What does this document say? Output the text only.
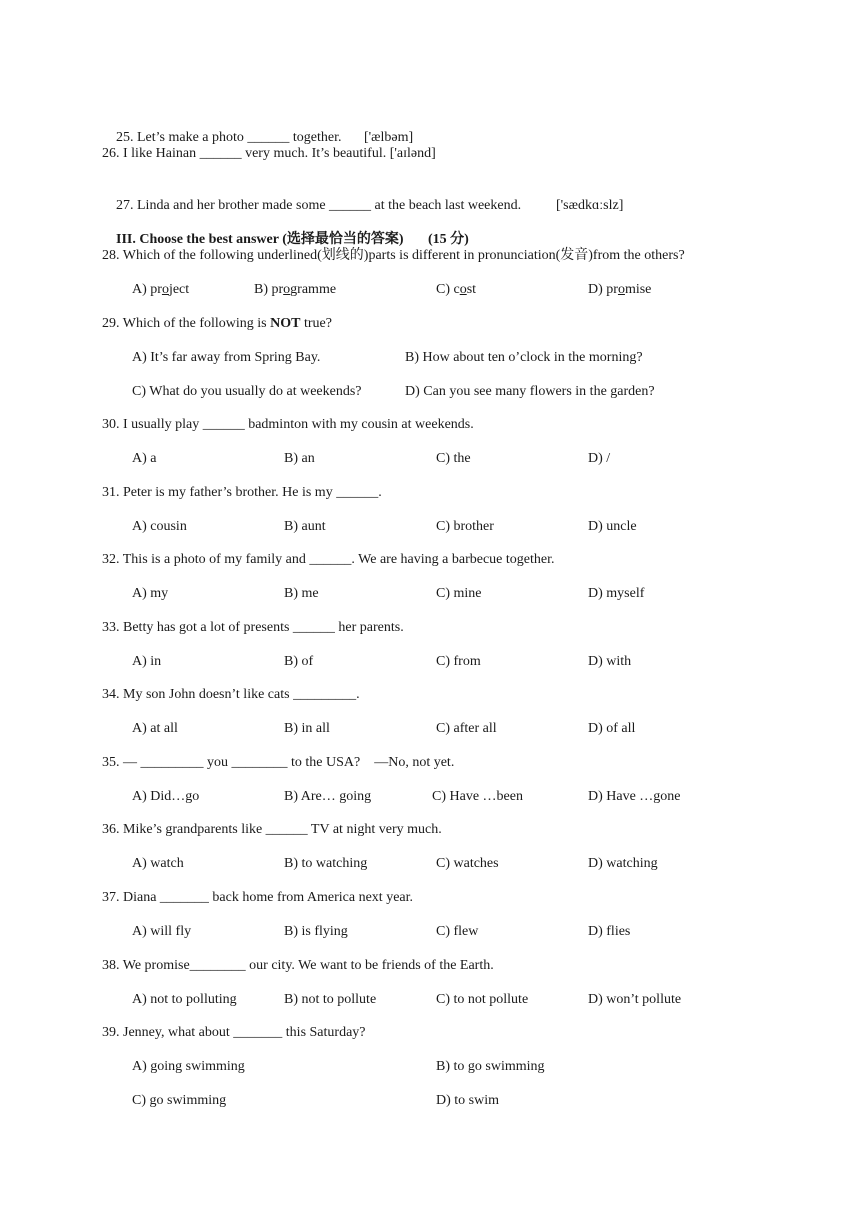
25. Let’s make a photo ______ together. ['ælbəm]

26. I like Hainan ______ very much. It’s beautiful. ['aɪlənd]

27. Linda and her brother made some ______ at the beach last weekend. ['sædkɑːslz]

III. Choose the best answer (选择最恰当的答案) (15 分)

28. Which of the following underlined(划线的)parts is different in pronunciation(发音)from the others?
A) project	B) programme	C) cost	D) promise
29. Which of the following is NOT true?
A) It’s far away from Spring Bay.	B) How about ten o’clock in the morning?
C) What do you usually do at weekends?	D) Can you see many flowers in the garden?
30. I usually play ______ badminton with my cousin at weekends.
A) a	B) an	C) the	D) /
31. Peter is my father’s brother. He is my ______.
A) cousin	B) aunt	C) brother	D) uncle
32. This is a photo of my family and ______. We are having a barbecue together.
A) my	B) me	C) mine	D) myself
33. Betty has got a lot of presents ______ her parents.
A) in	B) of	C) from	D) with
34. My son John doesn’t like cats _________.
A) at all	B) in all	C) after all	D) of all
35. — _________ you ________ to the USA?    —No, not yet.
A) Did…go	B) Are… going	C) Have …been	D) Have …gone
36. Mike’s grandparents like ______ TV at night very much.
A) watch	B) to watching	C) watches	D) watching
37. Diana _______ back home from America next year.
A) will fly	B) is flying	C) flew	D) flies
38. We promise________ our city. We want to be friends of the Earth.
A) not to polluting	B) not to pollute	C) to not pollute	D) won’t pollute
39. Jenney, what about _______ this Saturday?
A) going swimming	B) to go swimming
C) go swimming	D) to swim
